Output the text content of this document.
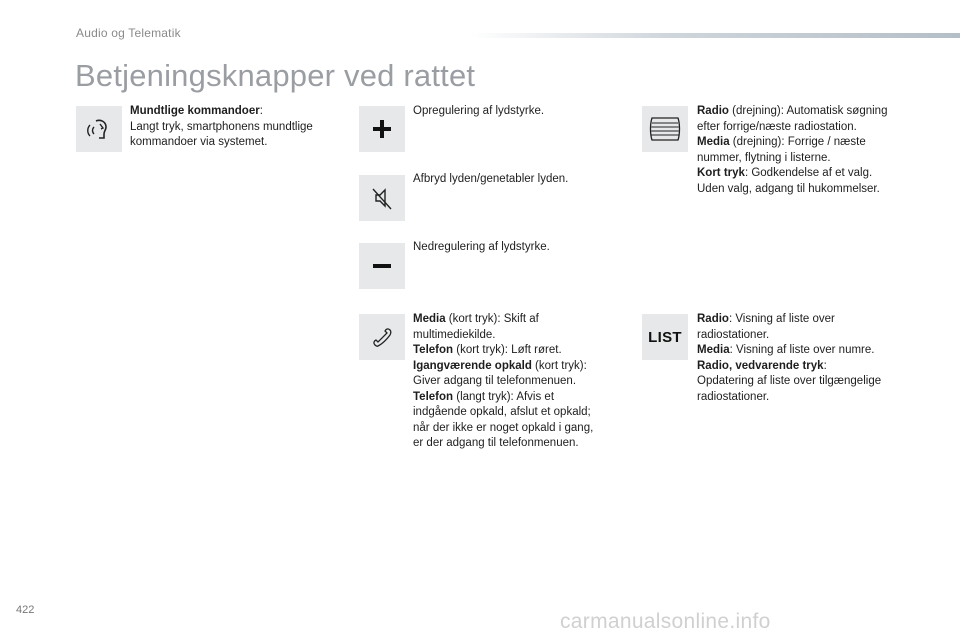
Audio og Telematik
Betjeningsknapper ved rattet
Mundtlige kommandoer:
Langt tryk, smartphonens mundtlige
kommandoer via systemet.
Opregulering af lydstyrke.
Afbryd lyden/genetabler lyden.
Nedregulering af lydstyrke.
Media (kort tryk): Skift af
multimediekilde.
Telefon (kort tryk): Løft røret.
Igangværende opkald (kort tryk):
Giver adgang til telefonmenuen.
Telefon (langt tryk): Afvis et
indgående opkald, afslut et opkald;
når der ikke er noget opkald i gang,
er der adgang til telefonmenuen.
Radio (drejning): Automatisk søgning
efter forrige/næste radiostation.
Media (drejning): Forrige / næste
nummer, flytning i listerne.
Kort tryk: Godkendelse af et valg.
Uden valg, adgang til hukommelser.
LIST
Radio: Visning af liste over
radiostationer.
Media: Visning af liste over numre.
Radio, vedvarende tryk:
Opdatering af liste over tilgængelige
radiostationer.
422	carmanualsonline.info
